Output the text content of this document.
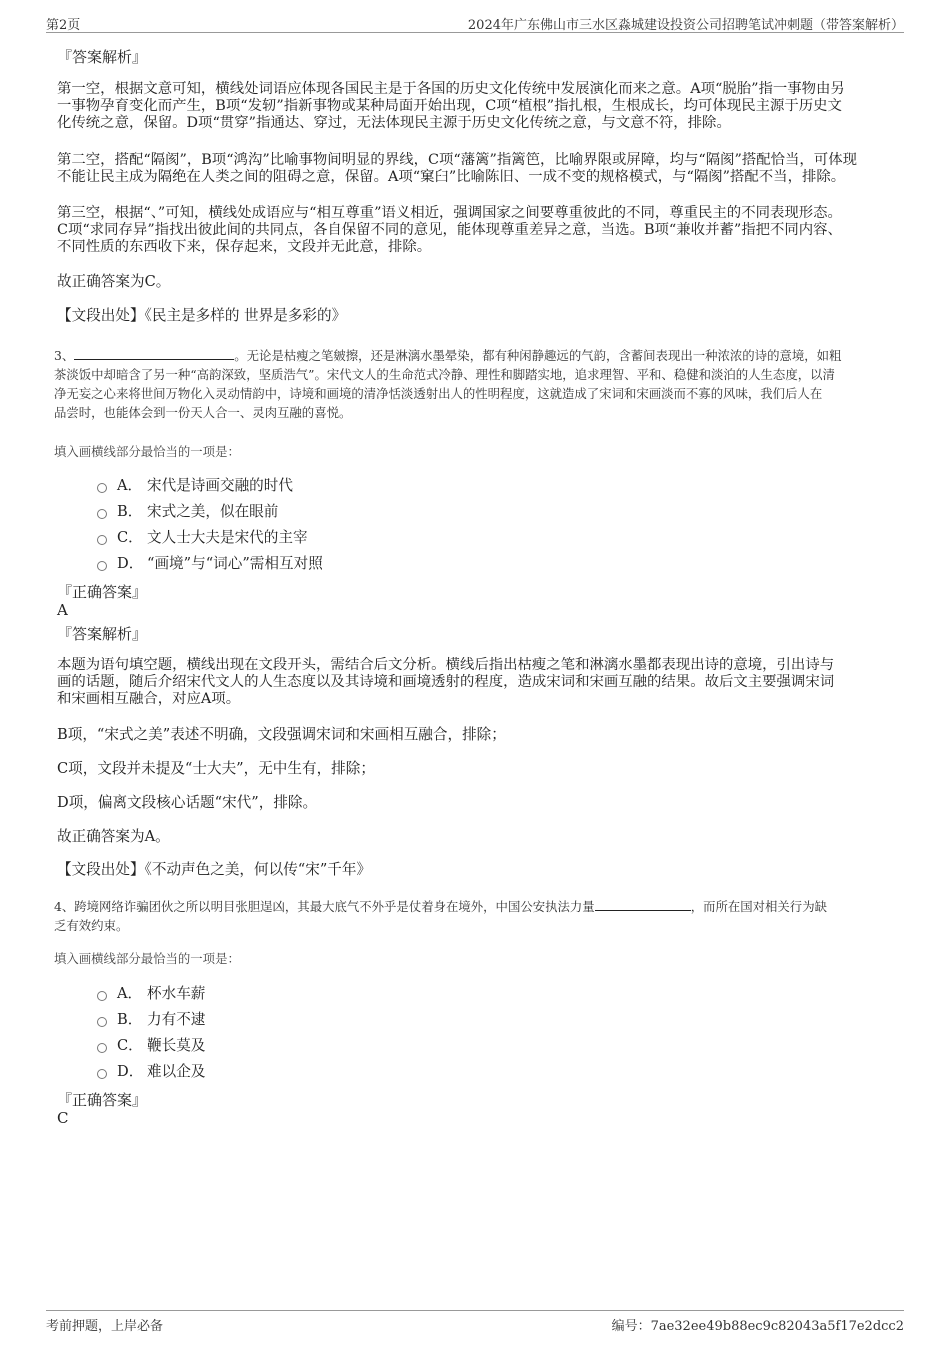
第2页	2024年广东佛山市三水区淼城建设投资公司招聘笔试冲刺题（带答案解析）
『答案解析』
第一空，根据文意可知，横线处词语应体现各国民主是于各国的历史文化传统中发展演化而来之意。A项“脱胎”指一事物由另
一事物孕育变化而产生，B项“发轫”指新事物或某种局面开始出现，C项“植根”指扎根，生根成长，均可体现民主源于历史文
化传统之意，保留。D项“贯穿”指通达、穿过，无法体现民主源于历史文化传统之意，与文意不符，排除。
第二空，搭配“隔阂”，B项“鸿沟”比喻事物间明显的界线，C项“藩篱”指篱笆，比喻界限或屏障，均与“隔阂”搭配恰当，可体现
不能让民主成为隔绝在人类之间的阻碍之意，保留。A项“窠臼”比喻陈旧、一成不变的规格模式，与“隔阂”搭配不当，排除。
第三空，根据“、”可知，横线处成语应与“相互尊重”语义相近，强调国家之间要尊重彼此的不同，尊重民主的不同表现形态。
C项“求同存异”指找出彼此间的共同点，各自保留不同的意见，能体现尊重差异之意，当选。B项“兼收并蓄”指把不同内容、
不同性质的东西收下来，保存起来，文段并无此意，排除。
故正确答案为C。
【文段出处】《民主是多样的 世界是多彩的》
3、	。无论是枯瘦之笔皴擦，还是淋漓水墨晕染，都有种闲静趣远的气韵，含蓄间表现出一种浓浓的诗的意境，如粗
茶淡饭中却暗含了另一种“高韵深致，坚质浩气”。宋代文人的生命范式冷静、理性和脚踏实地，追求理智、平和、稳健和淡泊的人生态度，以清
净无妄之心来将世间万物化入灵动情韵中，诗境和画境的清净恬淡透射出人的性明程度，这就造成了宋词和宋画淡而不寡的风味，我们后人在
品尝时，也能体会到一份天人合一、灵肉互融的喜悦。
填入画横线部分最恰当的一项是：
A． 宋代是诗画交融的时代
B． 宋式之美，似在眼前
C． 文人士大夫是宋代的主宰
D． “画境”与“词心”需相互对照
『正确答案』
A
『答案解析』
本题为语句填空题，横线出现在文段开头，需结合后文分析。横线后指出枯瘦之笔和淋漓水墨都表现出诗的意境，引出诗与
画的话题，随后介绍宋代文人的人生态度以及其诗境和画境透射的程度，造成宋词和宋画互融的结果。故后文主要强调宋词
和宋画相互融合，对应A项。
B项，“宋式之美”表述不明确，文段强调宋词和宋画相互融合，排除；
C项，文段并未提及“士大夫”，无中生有，排除；
D项，偏离文段核心话题“宋代”，排除。
故正确答案为A。
【文段出处】《不动声色之美，何以传“宋”千年》
4、跨境网络诈骗团伙之所以明目张胆逞凶，其最大底气不外乎是仗着身在境外，中国公安执法力量	，而所在国对相关行为缺
乏有效约束。
填入画横线部分最恰当的一项是：
A． 杯水车薪
B． 力有不逮
C． 鞭长莫及
D． 难以企及
『正确答案』
C
考前押题，上岸必备	编号：7ae32ee49b88ec9c82043a5f17e2dcc2
